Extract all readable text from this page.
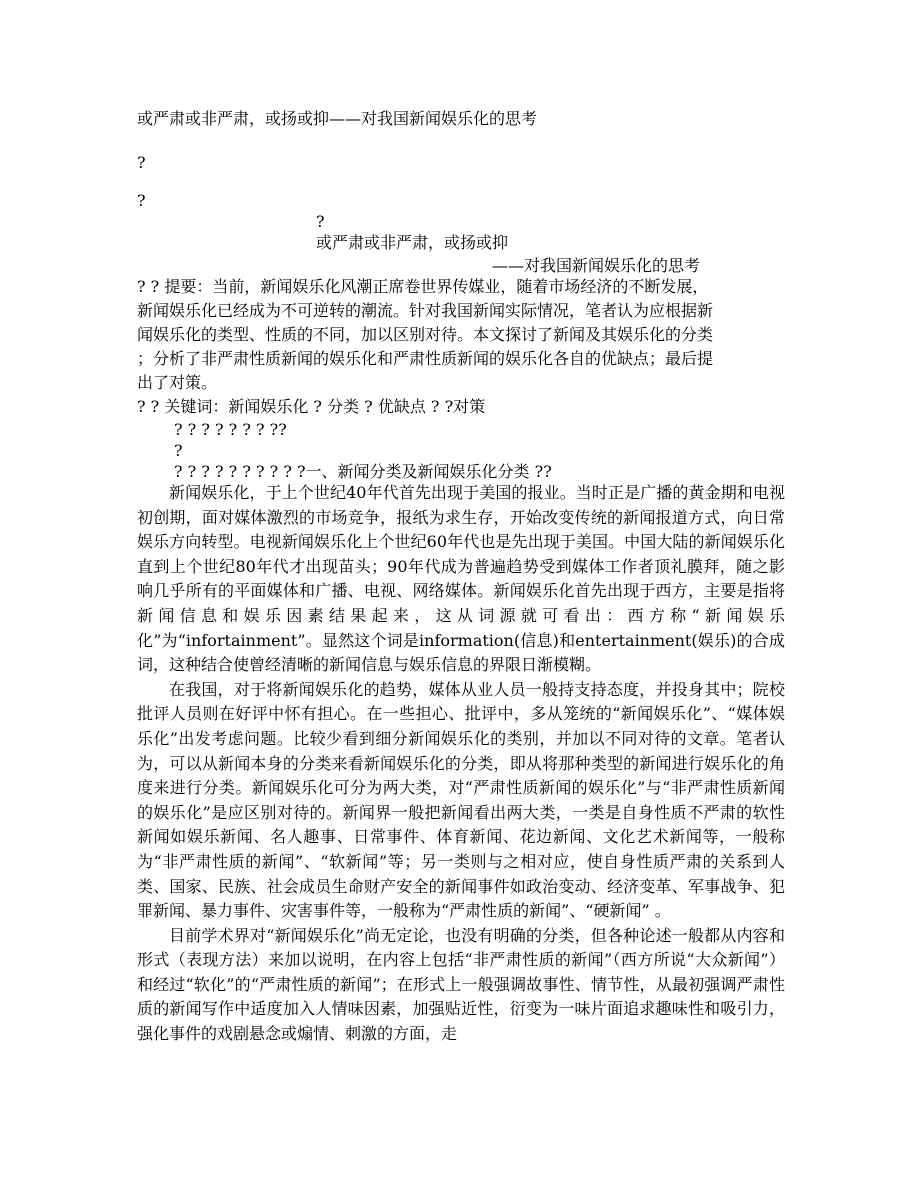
或严肃或非严肃，或扬或抑——对我国新闻娱乐化的思考
?
?
?
或严肃或非严肃，或扬或抑
——对我国新闻娱乐化的思考
? ? 提要：当前，新闻娱乐化风潮正席卷世界传媒业，随着市场经济的不断发展，
新闻娱乐化已经成为不可逆转的潮流。针对我国新闻实际情况，笔者认为应根据新
闻娱乐化的类型、性质的不同，加以区别对待。本文探讨了新闻及其娱乐化的分类
；分析了非严肃性质新闻的娱乐化和严肃性质新闻的娱乐化各自的优缺点；最后提
出了对策。
? ? 关键词：新闻娱乐化 ? 分类 ? 优缺点 ? ?对策
? ? ? ? ? ? ? ??
?
? ? ? ? ? ? ? ? ? ?一、新闻分类及新闻娱乐化分类 ??

新闻娱乐化，于上个世纪40年代首先出现于美国的报业。当时正是广播的黄金期和电视初创期，面对媒体激烈的市场竞争，报纸为求生存，开始改变传统的新闻报道方式，向日常娱乐方向转型。电视新闻娱乐化上个世纪60年代也是先出现于美国。中国大陆的新闻娱乐化直到上个世纪80年代才出现苗头；90年代成为普遍趋势受到媒体工作者顶礼膜拜，随之影响几乎所有的平面媒体和广播、电视、网络媒体。新闻娱乐化首先出现于西方，主要是指将新闻信息和娱乐因素结果起来，这从词源就可看出：西方称“新闻娱乐化”为“infortainment”。显然这个词是information(信息)和entertainment(娱乐)的合成词，这种结合使曾经清晰的新闻信息与娱乐信息的界限日渐模糊。

在我国，对于将新闻娱乐化的趋势，媒体从业人员一般持支持态度，并投身其中；院校批评人员则在好评中怀有担心。在一些担心、批评中，多从笼统的“新闻娱乐化”、“媒体娱乐化”出发考虑问题。比较少看到细分新闻娱乐化的类别，并加以不同对待的文章。笔者认为，可以从新闻本身的分类来看新闻娱乐化的分类，即从将那种类型的新闻进行娱乐化的角度来进行分类。新闻娱乐化可分为两大类，对“严肃性质新闻的娱乐化”与“非严肃性质新闻的娱乐化”是应区别对待的。新闻界一般把新闻看出两大类，一类是自身性质不严肃的软性新闻如娱乐新闻、名人趣事、日常事件、体育新闻、花边新闻、文化艺术新闻等，一般称为“非严肃性质的新闻”、“软新闻”等；另一类则与之相对应，使自身性质严肃的关系到人类、国家、民族、社会成员生命财产安全的新闻事件如政治变动、经济变革、军事战争、犯罪新闻、暴力事件、灾害事件等，一般称为“严肃性质的新闻”、“硬新闻” 。

目前学术界对“新闻娱乐化”尚无定论，也没有明确的分类，但各种论述一般都从内容和形式（表现方法）来加以说明，在内容上包括“非严肃性质的新闻”（西方所说“大众新闻”）和经过“软化”的“严肃性质的新闻”；在形式上一般强调故事性、情节性，从最初强调严肃性质的新闻写作中适度加入人情味因素，加强贴近性，衍变为一味片面追求趣味性和吸引力，强化事件的戏剧悬念或煽情、刺激的方面，走
